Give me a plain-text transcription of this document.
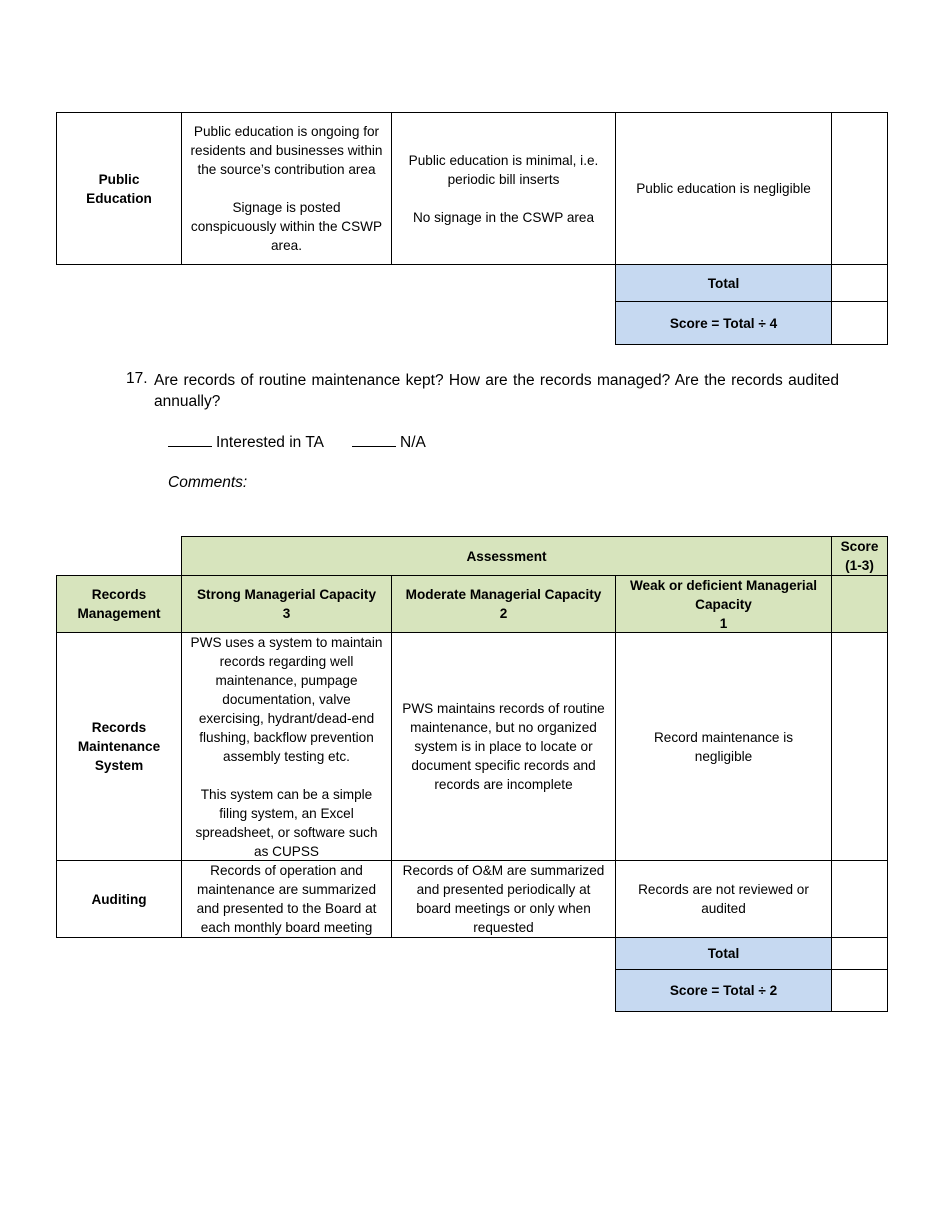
Public Education
Public education is ongoing for residents and businesses within the source’s contribution area
Signage is posted conspicuously within the CSWP area.
Public education is minimal, i.e. periodic bill inserts
No signage in the CSWP area
Public education is negligible
Total
Score = Total ÷ 4
17. Are records of routine maintenance kept? How are the records managed? Are the records audited annually?
Interested in TA	N/A
Comments:
Assessment
Score (1-3)
Records Management
Strong Managerial Capacity
3
Moderate Managerial Capacity
2
Weak or deficient Managerial Capacity
1
Records Maintenance System
PWS uses a system to maintain records regarding well maintenance, pumpage documentation, valve exercising, hydrant/dead-end flushing, backflow prevention assembly testing etc.
This system can be a simple filing system, an Excel spreadsheet, or software such as CUPSS
PWS maintains records of routine maintenance, but no organized system is in place to locate or document specific records and records are incomplete
Record maintenance is negligible
Auditing
Records of operation and maintenance are summarized and presented to the Board at each monthly board meeting
Records of O&M are summarized and presented periodically at board meetings or only when requested
Records are not reviewed or audited
Total
Score = Total ÷ 2
